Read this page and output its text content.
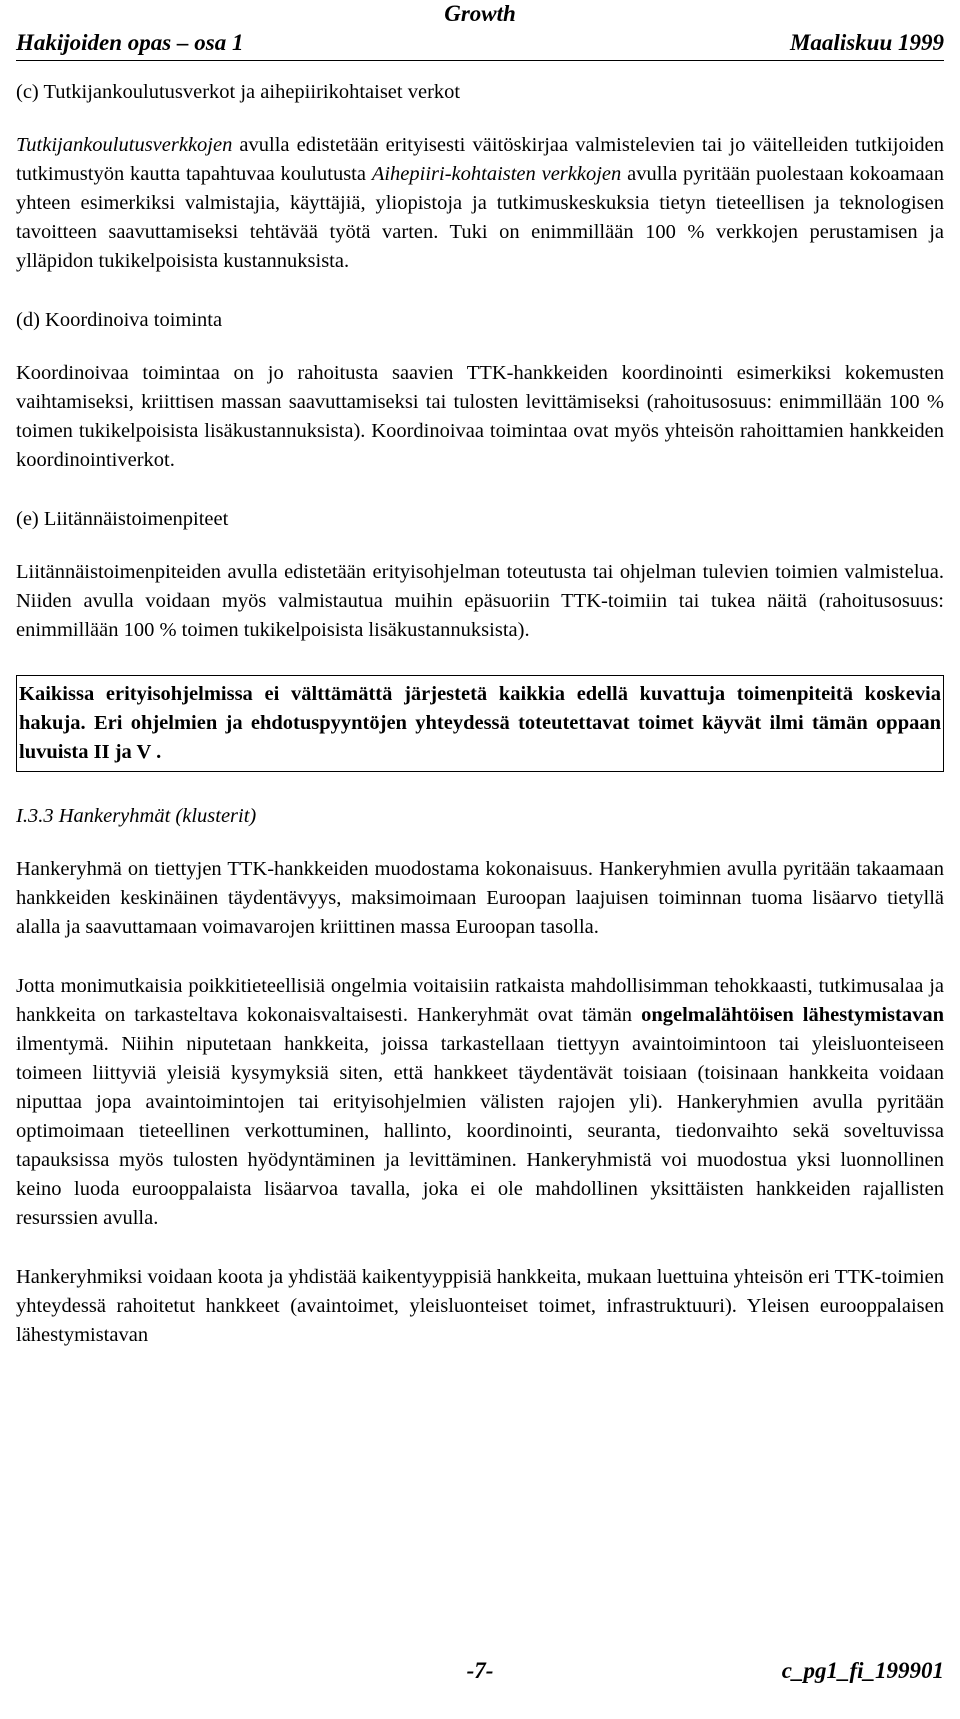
Growth
Hakijoiden opas – osa 1	Maaliskuu 1999

(c) Tutkijankoulutusverkot ja aihepiirikohtaiset verkot

Tutkijankoulutusverkkojen avulla edistetään erityisesti väitöskirjaa valmistelevien tai jo väitelleiden tutkijoiden tutkimustyön kautta tapahtuvaa koulutusta Aihepiiri-kohtaisten verkkojen avulla pyritään puolestaan kokoamaan yhteen esimerkiksi valmistajia, käyttäjiä, yliopistoja ja tutkimuskeskuksia tietyn tieteellisen ja teknologisen tavoitteen saavuttamiseksi tehtävää työtä varten. Tuki on enimmillään 100 % verkkojen perustamisen ja ylläpidon tukikelpoisista kustannuksista.

(d) Koordinoiva toiminta

Koordinoivaa toimintaa on jo rahoitusta saavien TTK-hankkeiden koordinointi esimerkiksi kokemusten vaihtamiseksi, kriittisen massan saavuttamiseksi tai tulosten levittämiseksi (rahoitusosuus: enimmillään 100 % toimen tukikelpoisista lisäkustannuksista). Koordinoivaa toimintaa ovat myös yhteisön rahoittamien hankkeiden koordinointiverkot.

(e) Liitännäistoimenpiteet

Liitännäistoimenpiteiden avulla edistetään erityisohjelman toteutusta tai ohjelman tulevien toimien valmistelua. Niiden avulla voidaan myös valmistautua muihin epäsuoriin TTK-toimiin tai tukea näitä (rahoitusosuus: enimmillään 100 % toimen tukikelpoisista lisäkustannuksista).

Kaikissa erityisohjelmissa ei välttämättä järjestetä kaikkia edellä kuvattuja toimenpiteitä koskevia hakuja. Eri ohjelmien ja ehdotuspyyntöjen yhteydessä toteutettavat toimet käyvät ilmi tämän oppaan luvuista II ja V .

I.3.3 Hankeryhmät (klusterit)

Hankeryhmä on tiettyjen TTK-hankkeiden muodostama kokonaisuus. Hankeryhmien avulla pyritään takaamaan hankkeiden keskinäinen täydentävyys, maksimoimaan Euroopan laajuisen toiminnan tuoma lisäarvo tietyllä alalla ja saavuttamaan voimavarojen kriittinen massa Euroopan tasolla.

Jotta monimutkaisia poikkitieteellisiä ongelmia voitaisiin ratkaista mahdollisimman tehokkaasti, tutkimusalaa ja hankkeita on tarkasteltava kokonaisvaltaisesti. Hankeryhmät ovat tämän ongelmalähtöisen lähestymistavan ilmentymä. Niihin niputetaan hankkeita, joissa tarkastellaan tiettyyn avaintoimintoon tai yleisluonteiseen toimeen liittyviä yleisiä kysymyksiä siten, että hankkeet täydentävät toisiaan (toisinaan hankkeita voidaan niputtaa jopa avaintoimintojen tai erityisohjelmien välisten rajojen yli). Hankeryhmien avulla pyritään optimoimaan tieteellinen verkottuminen, hallinto, koordinointi, seuranta, tiedonvaihto sekä soveltuvissa tapauksissa myös tulosten hyödyntäminen ja levittäminen. Hankeryhmistä voi muodostua yksi luonnollinen keino luoda eurooppalaista lisäarvoa tavalla, joka ei ole mahdollinen yksittäisten hankkeiden rajallisten resurssien avulla.

Hankeryhmiksi voidaan koota ja yhdistää kaikentyyppisiä hankkeita, mukaan luettuina yhteisön eri TTK-toimien yhteydessä rahoitetut hankkeet (avaintoimet, yleisluonteiset toimet, infrastruktuuri). Yleisen eurooppalaisen lähestymistavan

-7-	c_pg1_fi_199901
